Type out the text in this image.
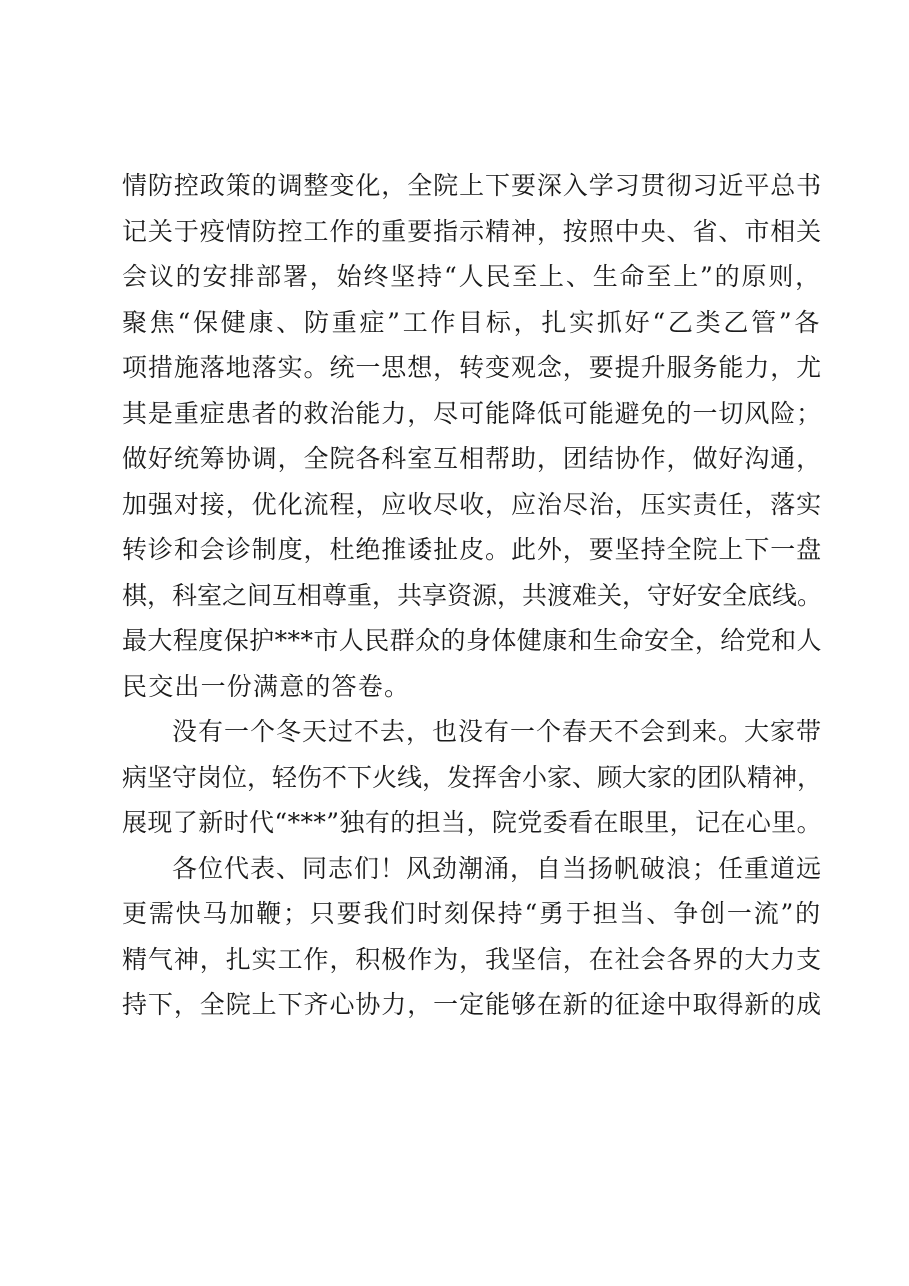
情防控政策的调整变化，全院上下要深入学习贯彻习近平总书
记关于疫情防控工作的重要指示精神，按照中央、省、市相关
会议的安排部署，始终坚持“人民至上、生命至上”的原则，
聚焦“保健康、防重症”工作目标，扎实抓好“乙类乙管”各
项措施落地落实。统一思想，转变观念，要提升服务能力，尤
其是重症患者的救治能力，尽可能降低可能避免的一切风险；
做好统筹协调，全院各科室互相帮助，团结协作，做好沟通，
加强对接，优化流程，应收尽收，应治尽治，压实责任，落实
转诊和会诊制度，杜绝推诿扯皮。此外，要坚持全院上下一盘
棋，科室之间互相尊重，共享资源，共渡难关，守好安全底线。
最大程度保护***市人民群众的身体健康和生命安全，给党和人
民交出一份满意的答卷。
没有一个冬天过不去，也没有一个春天不会到来。大家带
病坚守岗位，轻伤不下火线，发挥舍小家、顾大家的团队精神，
展现了新时代“***”独有的担当，院党委看在眼里，记在心里。
各位代表、同志们！风劲潮涌，自当扬帆破浪；任重道远
更需快马加鞭；只要我们时刻保持“勇于担当、争创一流”的
精气神，扎实工作，积极作为，我坚信，在社会各界的大力支
持下，全院上下齐心协力，一定能够在新的征途中取得新的成
